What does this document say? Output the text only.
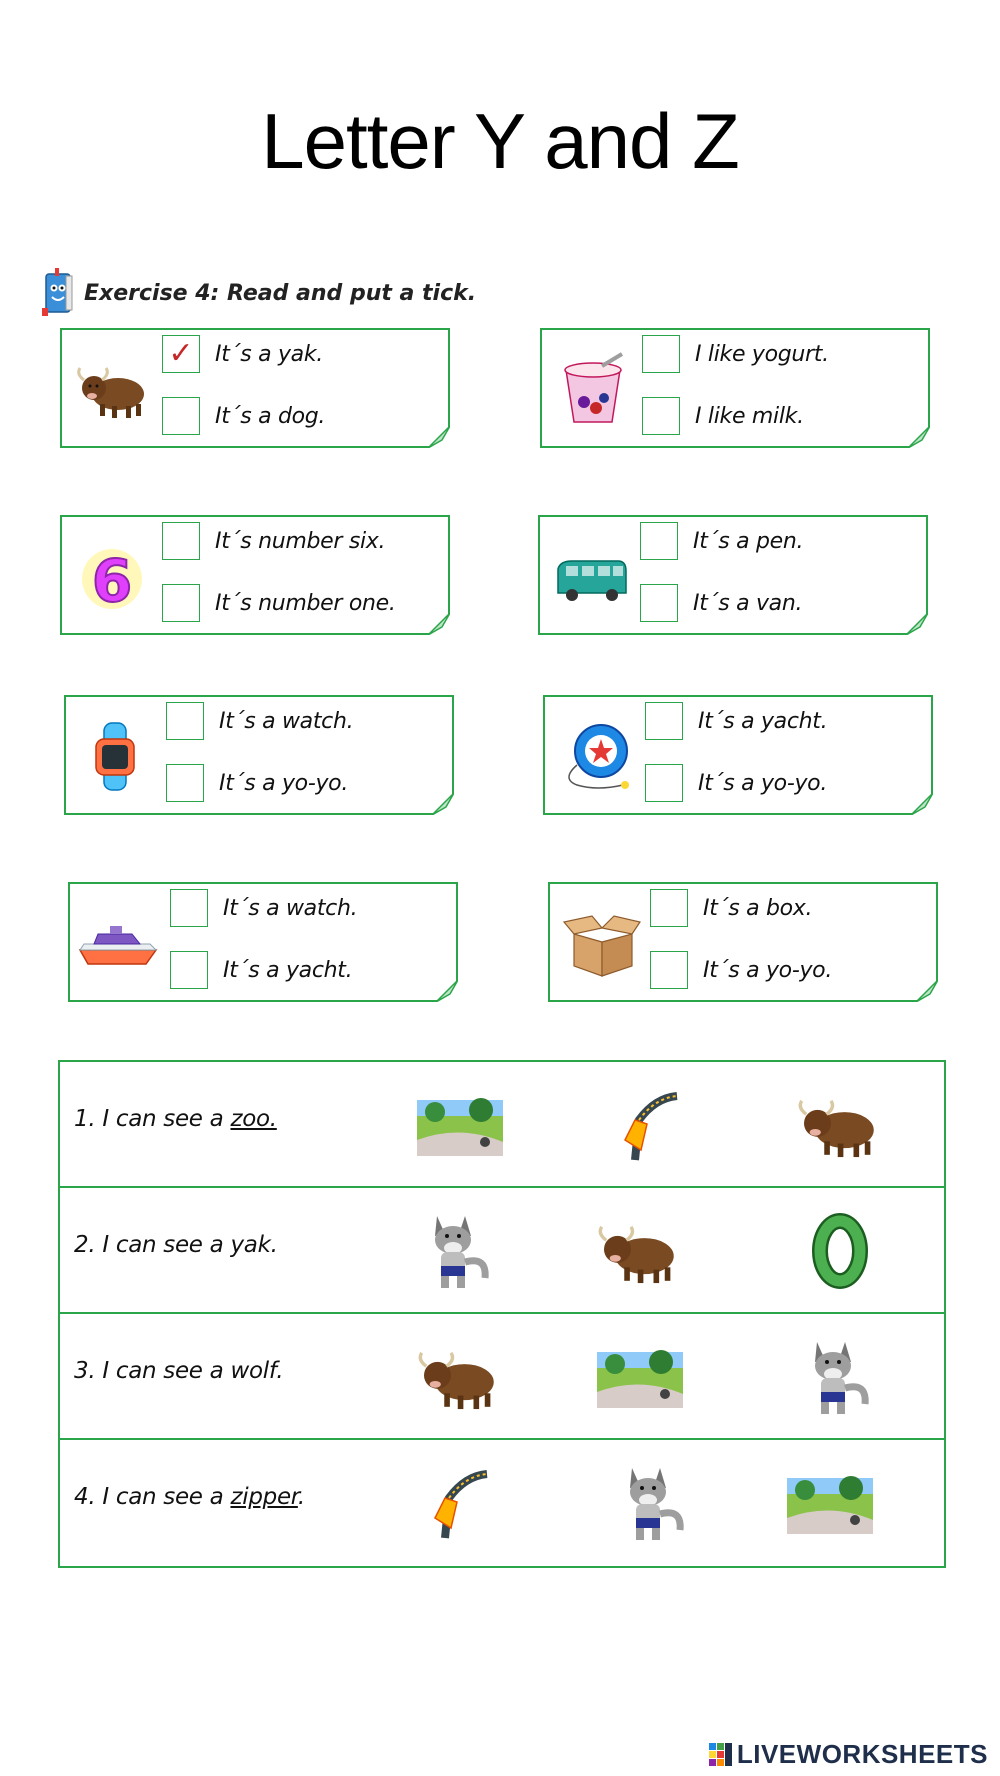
Letter Y and Z
Exercise 4: Read and put a tick.
✓ It´s a yak.
It´s a dog.
I like yogurt.
I like milk.
6
It´s number six.
It´s number one.
It´s a pen.
It´s a van.
It´s a watch.
It´s a yo-yo.
It´s a yacht.
It´s a yo-yo.
It´s a watch.
It´s a yacht.
It´s a box.
It´s a yo-yo.
1. I can see a zoo.
2. I can see a yak.
3. I can see a wolf.
4. I can see a zipper.
LIVEWORKSHEETS
